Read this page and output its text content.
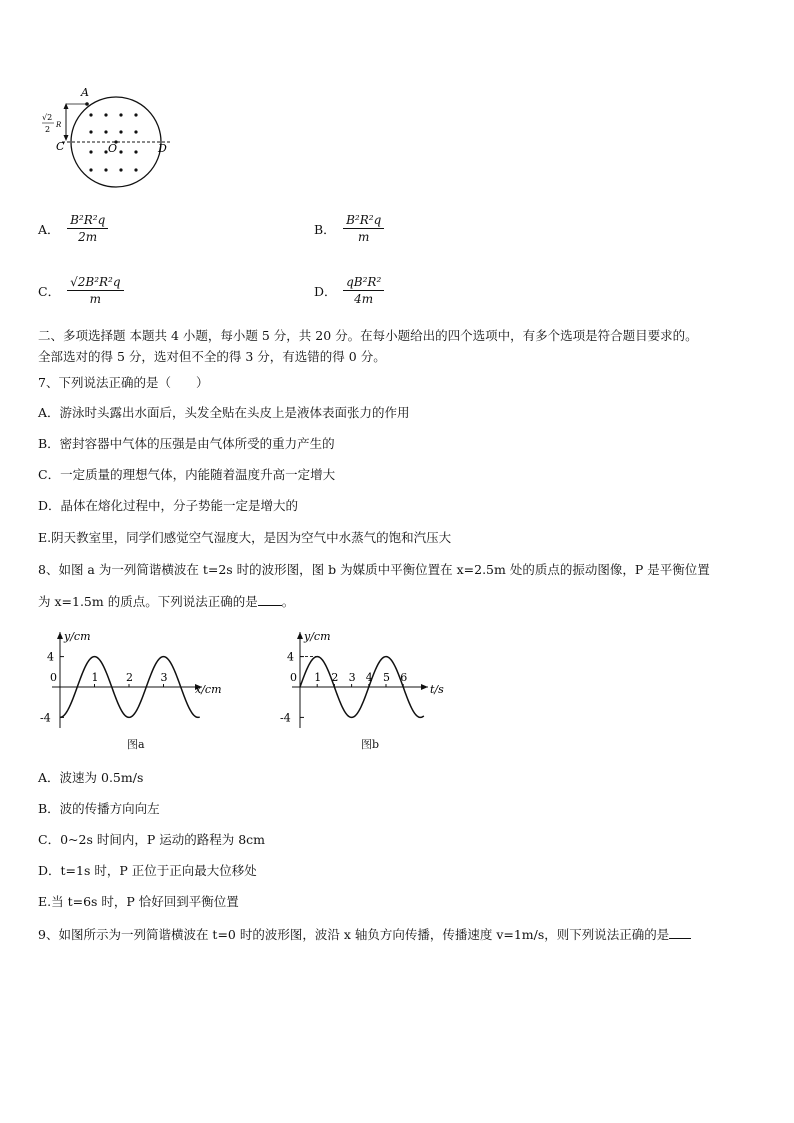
A
C	O	D
√2
2 R
A． $\frac{\text{B²R²q}}{2m}$	B． $\frac{\text{B²R²q}}{m}$
C． $\frac{\text{√2B²R²q}}{m}$	D． $\frac{\text{qB²R²}}{4m}$
二、多项选择题 本题共 4 小题，每小题 5 分，共 20 分。在每小题给出的四个选项中，有多个选项是符合题目要求的。
全部选对的得 5 分，选对但不全的得 3 分，有选错的得 0 分。
7、下列说法正确的是（　　）
A．游泳时头露出水面后，头发全贴在头皮上是液体表面张力的作用
B．密封容器中气体的压强是由气体所受的重力产生的
C．一定质量的理想气体，内能随着温度升高一定增大
D．晶体在熔化过程中，分子势能一定是增大的
E.阴天教室里，同学们感觉空气湿度大，是因为空气中水蒸气的饱和汽压大
8、如图 a 为一列简谐横波在 t=2s 时的波形图，图 b 为媒质中平衡位置在 x=2.5m 处的质点的振动图像，P 是平衡位置
为 x=1.5m 的质点。下列说法正确的是 。
y/cm
x/cm
4
-4
0	1	2	3
图a
y/cm
t/s
4
-4
0 1 2 3 4 5 6
图b
A．波速为 0.5m/s
B．波的传播方向向左
C．0~2s 时间内，P 运动的路程为 8cm
D．t=1s 时，P 正位于正向最大位移处
E.当 t=6s 时，P 恰好回到平衡位置
9、如图所示为一列简谐横波在 t=0 时的波形图，波沿 x 轴负方向传播，传播速度 v=1m/s，则下列说法正确的是
